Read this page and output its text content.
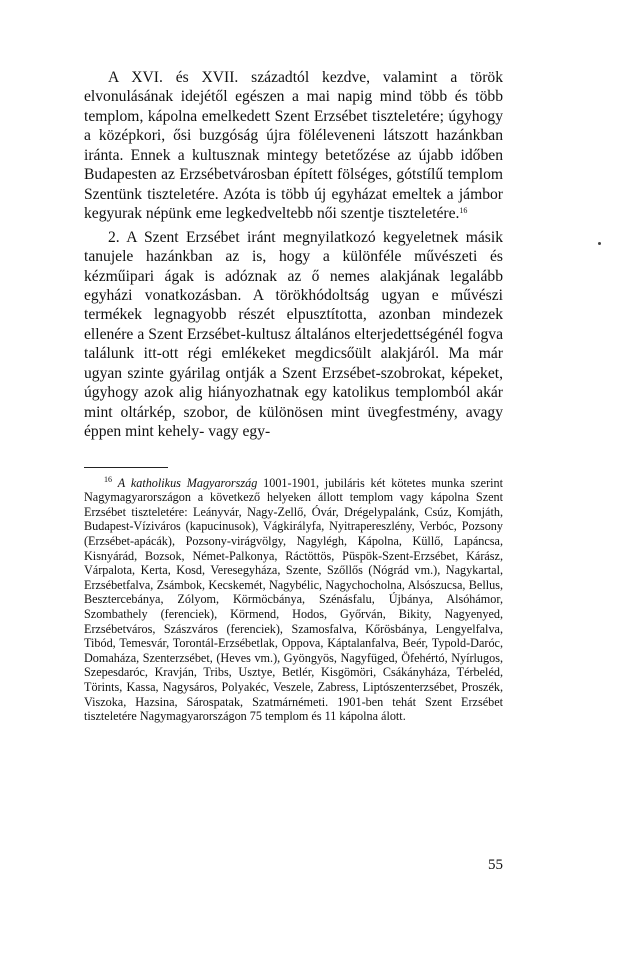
A XVI. és XVII. századtól kezdve, valamint a török elvonulásának idejétől egészen a mai napig mind több és több templom, kápolna emelkedett Szent Erzsébet tiszteletére; úgyhogy a középkori, ősi buzgóság újra föléleveneni látszott hazánkban iránta. Ennek a kultusznak mintegy betetőzése az újabb időben Budapesten az Erzsébetvárosban épített fölséges, gótstílű templom Szentünk tiszteletére. Azóta is több új egyházat emeltek a jámbor kegyurak népünk eme legkedveltebb női szentje tiszteletére.$^{16}$

2. A Szent Erzsébet iránt megnyilatkozó kegyeletnek másik tanujele hazánkban az is, hogy a különféle művészeti és kézműipari ágak is adóznak az ő nemes alakjának legalább egyházi vonatkozásban. A törökhódoltság ugyan e művészi termékek legnagyobb részét elpusztította, azonban mindezek ellenére a Szent Erzsébet-kultusz általános elterjedettségénél fogva találunk itt-ott régi emlékeket megdicsőült alakjáról. Ma már ugyan szinte gyárilag ontják a Szent Erzsébet-szobrokat, képeket, úgyhogy azok alig hiányozhatnak egy katolikus templomból akár mint oltárkép, szobor, de különösen mint üvegfestmény, avagy éppen mint kehely- vagy egy-

$^{16}$ A katholikus Magyarország 1001-1901, jubiláris két kötetes munka szerint Nagymagyarországon a következő helyeken állott templom vagy kápolna Szent Erzsébet tiszteletére: Leányvár, Nagy-Zellő, Óvár, Drégelypalánk, Csúz, Komjáth, Budapest-Víziváros (kapucinusok), Vágkirályfa, Nyitrapereszlény, Verbóc, Pozsony (Erzsébet-apácák), Pozsony-virágvölgy, Nagylégh, Kápolna, Küllő, Lapáncsa, Kisnyárád, Bozsok, Német-Palkonya, Ráctöttös, Püspök-Szent-Erzsébet, Kárász, Várpalota, Kerta, Kosd, Veresegyháza, Szente, Szőllős (Nógrád vm.), Nagykartal, Erzsébetfalva, Zsámbok, Kecskemét, Nagybélic, Nagychocholna, Alsószucsa, Bellus, Besztercebánya, Zólyom, Körmöcbánya, Szénásfalu, Újbánya, Alsóhámor, Szombathely (ferenciek), Körmend, Hodos, Győrván, Bikity, Nagyenyed, Erzsébetváros, Szászváros (ferenciek), Szamosfalva, Kőrösbánya, Lengyelfalva, Tibód, Temesvár, Torontál-Erzsébetlak, Oppova, Káptalanfalva, Beér, Typold-Daróc, Domaháza, Szenterzsébet, (Heves vm.), Gyöngyös, Nagyfüged, Öfehértó, Nyírlugos, Szepesdaróc, Kravján, Tribs, Usztye, Betlér, Kisgömöri, Csákányháza, Térbeléd, Törints, Kassa, Nagysáros, Polyakéc, Veszele, Zabress, Liptószenterzsébet, Proszék, Viszoka, Hazsina, Sárospatak, Szatmárnémeti. 1901-ben tehát Szent Erzsébet tiszteletére Nagymagyarországon 75 templom és 11 kápolna álott.
55
